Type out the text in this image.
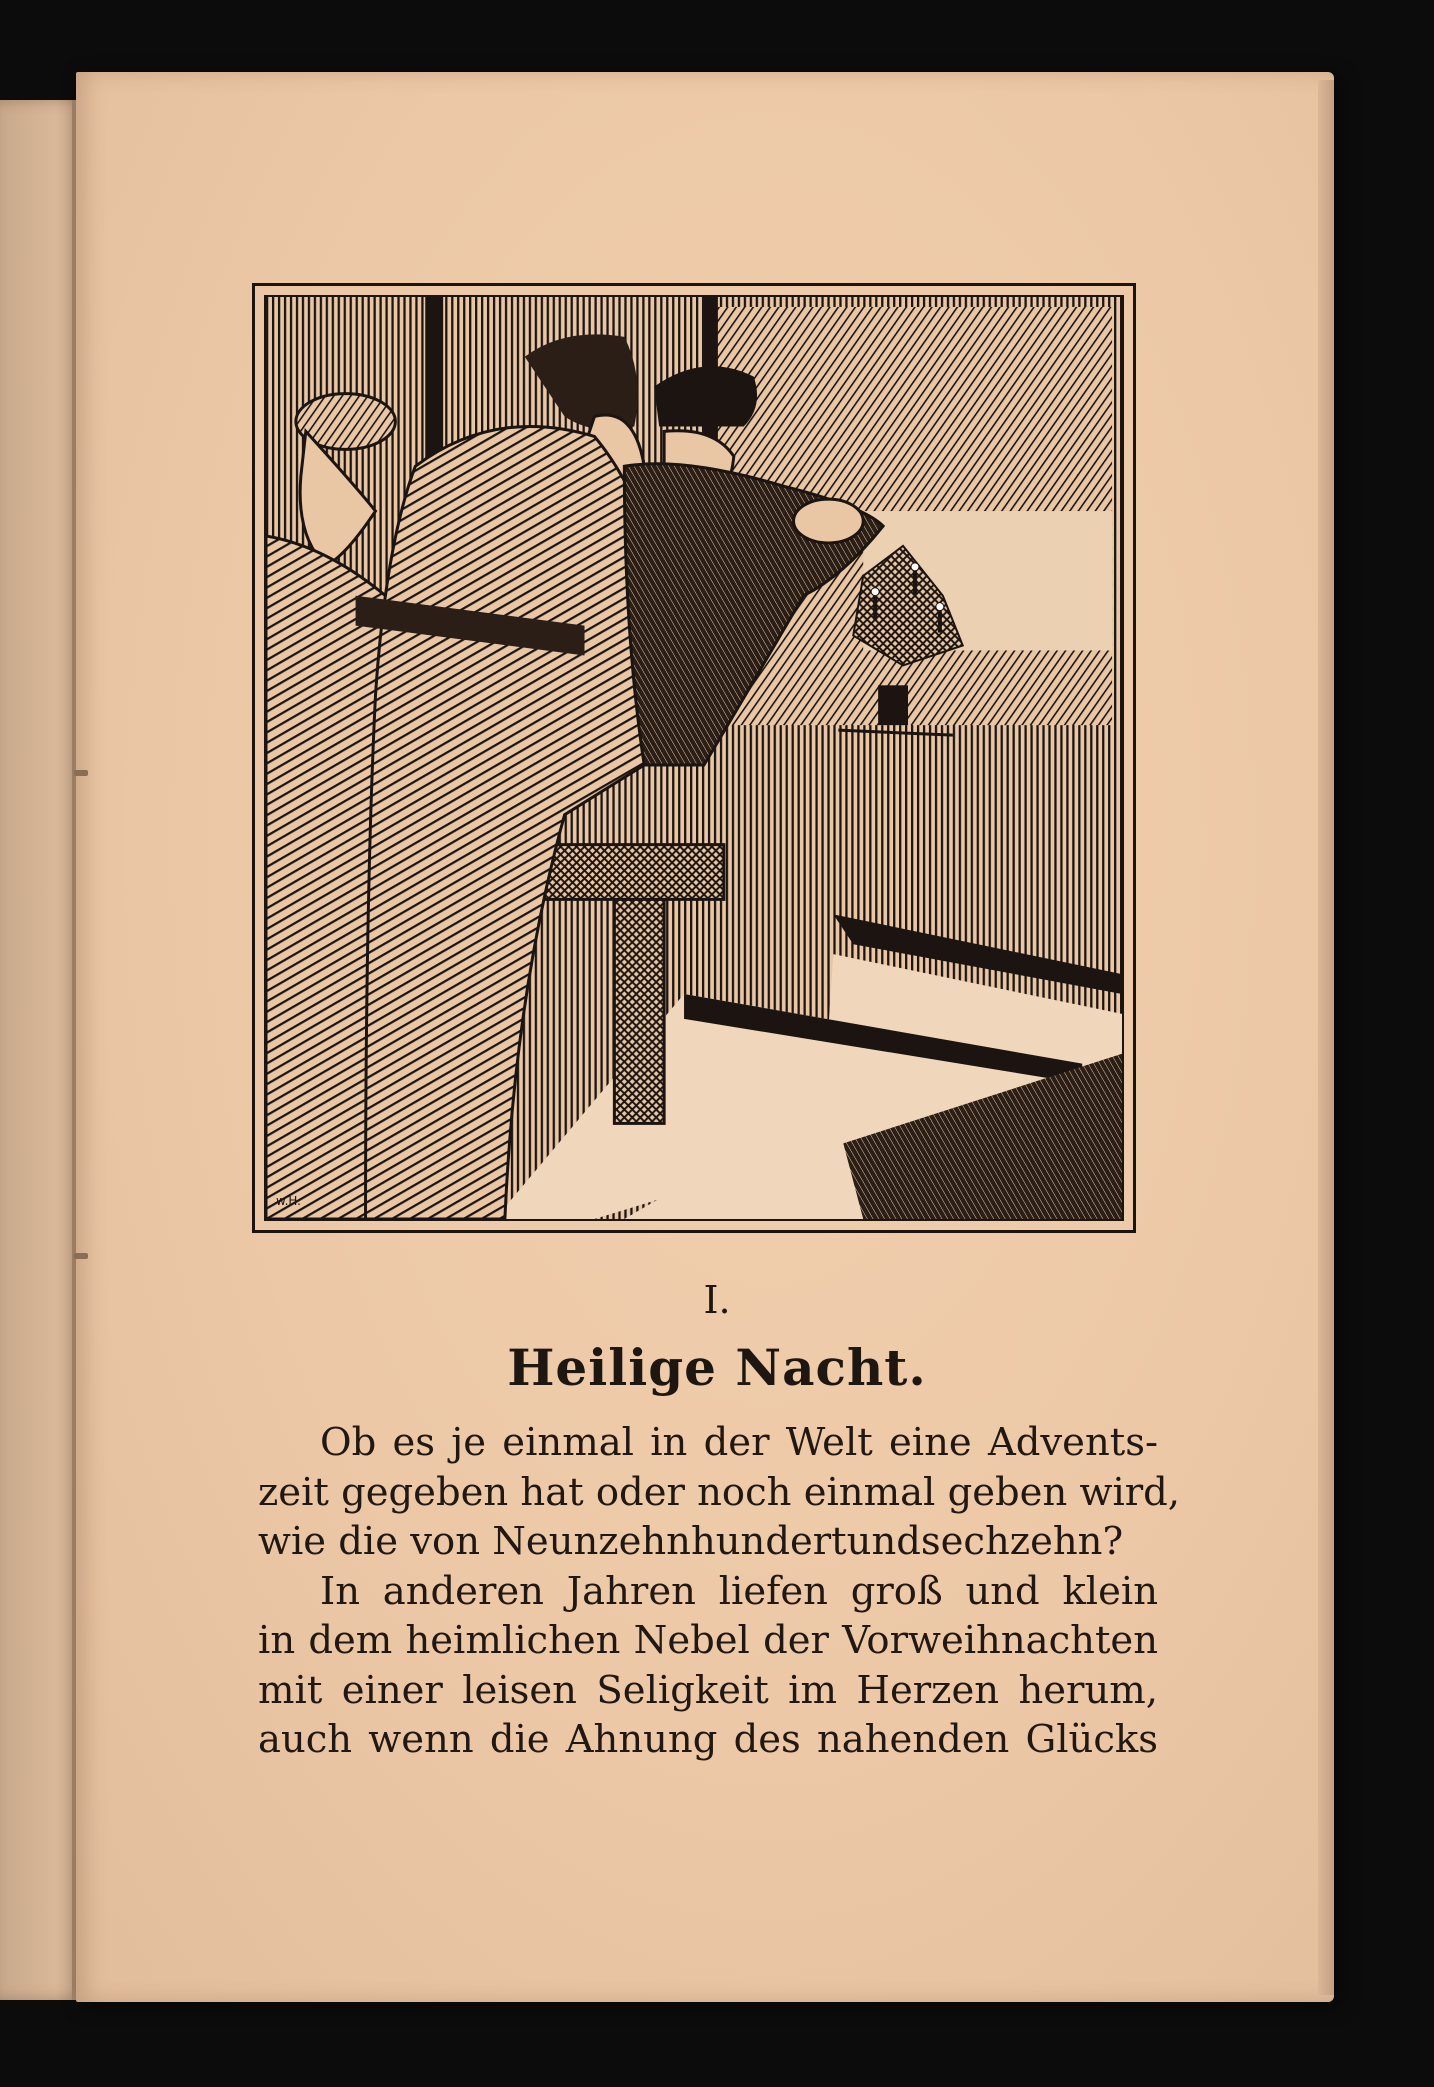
w.H.
I.
Heilige Nacht.
Ob es je einmal in der Welt eine Advents-
zeit gegeben hat oder noch einmal geben wird,
wie die von Neunzehnhundertundsechzehn?
In anderen Jahren liefen groß und klein
in dem heimlichen Nebel der Vorweihnachten
mit einer leisen Seligkeit im Herzen herum,
auch wenn die Ahnung des nahenden Glücks
